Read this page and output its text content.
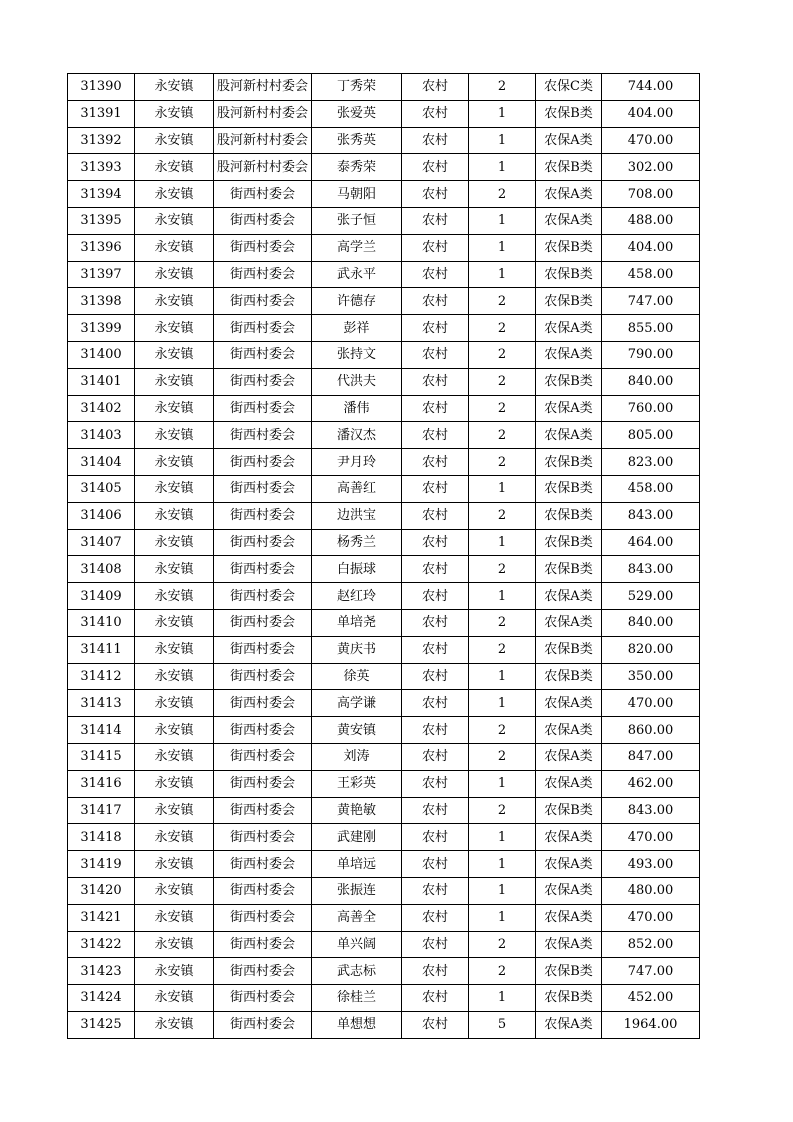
31390	永安镇	股河新村村委会	丁秀荣	农村	2	农保C类	744.00
31391	永安镇	股河新村村委会	张爱英	农村	1	农保B类	404.00
31392	永安镇	股河新村村委会	张秀英	农村	1	农保A类	470.00
31393	永安镇	股河新村村委会	泰秀荣	农村	1	农保B类	302.00
31394	永安镇	街西村委会	马朝阳	农村	2	农保A类	708.00
31395	永安镇	街西村委会	张子恒	农村	1	农保A类	488.00
31396	永安镇	街西村委会	高学兰	农村	1	农保B类	404.00
31397	永安镇	街西村委会	武永平	农村	1	农保B类	458.00
31398	永安镇	街西村委会	许德存	农村	2	农保B类	747.00
31399	永安镇	街西村委会	彭祥	农村	2	农保A类	855.00
31400	永安镇	街西村委会	张持文	农村	2	农保A类	790.00
31401	永安镇	街西村委会	代洪夫	农村	2	农保B类	840.00
31402	永安镇	街西村委会	潘伟	农村	2	农保A类	760.00
31403	永安镇	街西村委会	潘汉杰	农村	2	农保A类	805.00
31404	永安镇	街西村委会	尹月玲	农村	2	农保B类	823.00
31405	永安镇	街西村委会	高善红	农村	1	农保B类	458.00
31406	永安镇	街西村委会	边洪宝	农村	2	农保B类	843.00
31407	永安镇	街西村委会	杨秀兰	农村	1	农保B类	464.00
31408	永安镇	街西村委会	白振球	农村	2	农保B类	843.00
31409	永安镇	街西村委会	赵红玲	农村	1	农保A类	529.00
31410	永安镇	街西村委会	单培尧	农村	2	农保A类	840.00
31411	永安镇	街西村委会	黄庆书	农村	2	农保B类	820.00
31412	永安镇	街西村委会	徐英	农村	1	农保B类	350.00
31413	永安镇	街西村委会	高学谦	农村	1	农保A类	470.00
31414	永安镇	街西村委会	黄安镇	农村	2	农保A类	860.00
31415	永安镇	街西村委会	刘涛	农村	2	农保A类	847.00
31416	永安镇	街西村委会	王彩英	农村	1	农保A类	462.00
31417	永安镇	街西村委会	黄艳敏	农村	2	农保B类	843.00
31418	永安镇	街西村委会	武建刚	农村	1	农保A类	470.00
31419	永安镇	街西村委会	单培远	农村	1	农保A类	493.00
31420	永安镇	街西村委会	张振连	农村	1	农保A类	480.00
31421	永安镇	街西村委会	高善全	农村	1	农保A类	470.00
31422	永安镇	街西村委会	单兴阔	农村	2	农保A类	852.00
31423	永安镇	街西村委会	武志标	农村	2	农保B类	747.00
31424	永安镇	街西村委会	徐桂兰	农村	1	农保B类	452.00
31425	永安镇	街西村委会	单想想	农村	5	农保A类	1964.00
